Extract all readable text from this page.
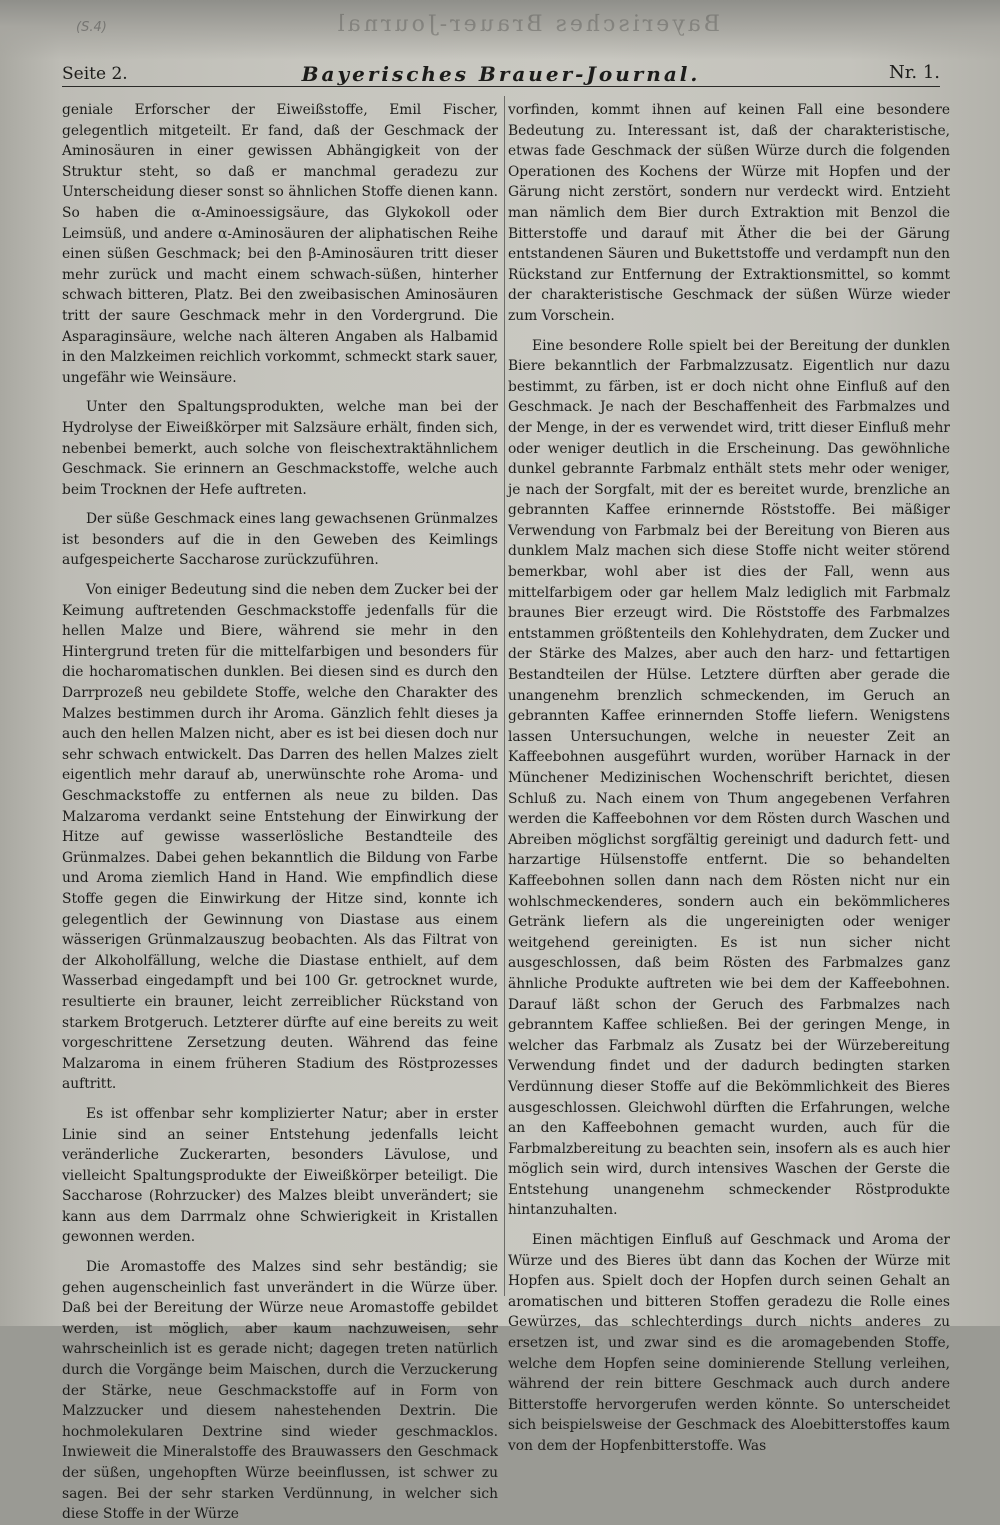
Bayerisches Brauer-Journal
(S.4)
Seite 2.	Bayerisches Brauer-Journal.	Nr. 1.

geniale Erforscher der Eiweißstoffe, Emil Fischer, gelegentlich mitgeteilt. Er fand, daß der Geschmack der Aminosäuren in einer gewissen Abhängigkeit von der Struktur steht, so daß er manchmal geradezu zur Unterscheidung dieser sonst so ähnlichen Stoffe dienen kann. So haben die α-Aminoessigsäure, das Glykokoll oder Leimsüß, und andere α-Aminosäuren der aliphatischen Reihe einen süßen Geschmack; bei den β-Aminosäuren tritt dieser mehr zurück und macht einem schwach-süßen, hinterher schwach bitteren, Platz. Bei den zweibasischen Aminosäuren tritt der saure Geschmack mehr in den Vordergrund. Die Asparaginsäure, welche nach älteren Angaben als Halbamid in den Malzkeimen reichlich vorkommt, schmeckt stark sauer, ungefähr wie Weinsäure.

Unter den Spaltungsprodukten, welche man bei der Hydrolyse der Eiweißkörper mit Salzsäure erhält, finden sich, nebenbei bemerkt, auch solche von fleischextraktähnlichem Geschmack. Sie erinnern an Geschmackstoffe, welche auch beim Trocknen der Hefe auftreten.

Der süße Geschmack eines lang gewachsenen Grünmalzes ist besonders auf die in den Geweben des Keimlings aufgespeicherte Saccharose zurückzuführen.

Von einiger Bedeutung sind die neben dem Zucker bei der Keimung auftretenden Geschmackstoffe jedenfalls für die hellen Malze und Biere, während sie mehr in den Hintergrund treten für die mittelfarbigen und besonders für die hocharomatischen dunklen. Bei diesen sind es durch den Darrprozeß neu gebildete Stoffe, welche den Charakter des Malzes bestimmen durch ihr Aroma. Gänzlich fehlt dieses ja auch den hellen Malzen nicht, aber es ist bei diesen doch nur sehr schwach entwickelt. Das Darren des hellen Malzes zielt eigentlich mehr darauf ab, unerwünschte rohe Aroma- und Geschmackstoffe zu entfernen als neue zu bilden. Das Malzaroma verdankt seine Entstehung der Einwirkung der Hitze auf gewisse wasserlösliche Bestandteile des Grünmalzes. Dabei gehen bekanntlich die Bildung von Farbe und Aroma ziemlich Hand in Hand. Wie empfindlich diese Stoffe gegen die Einwirkung der Hitze sind, konnte ich gelegentlich der Gewinnung von Diastase aus einem wässerigen Grünmalzauszug beobachten. Als das Filtrat von der Alkoholfällung, welche die Diastase enthielt, auf dem Wasserbad eingedampft und bei 100 Gr. getrocknet wurde, resultierte ein brauner, leicht zerreiblicher Rückstand von starkem Brotgeruch. Letzterer dürfte auf eine bereits zu weit vorgeschrittene Zersetzung deuten. Während das feine Malzaroma in einem früheren Stadium des Röstprozesses auftritt.

Es ist offenbar sehr komplizierter Natur; aber in erster Linie sind an seiner Entstehung jedenfalls leicht veränderliche Zuckerarten, besonders Lävulose, und vielleicht Spaltungsprodukte der Eiweißkörper beteiligt. Die Saccharose (Rohrzucker) des Malzes bleibt unverändert; sie kann aus dem Darrmalz ohne Schwierigkeit in Kristallen gewonnen werden.

Die Aromastoffe des Malzes sind sehr beständig; sie gehen augenscheinlich fast unverändert in die Würze über. Daß bei der Bereitung der Würze neue Aromastoffe gebildet werden, ist möglich, aber kaum nachzuweisen, sehr wahrscheinlich ist es gerade nicht; dagegen treten natürlich durch die Vorgänge beim Maischen, durch die Verzuckerung der Stärke, neue Geschmackstoffe auf in Form von Malzzucker und diesem nahestehenden Dextrin. Die hochmolekularen Dextrine sind wieder geschmacklos. Inwieweit die Mineralstoffe des Brauwassers den Geschmack der süßen, ungehopften Würze beeinflussen, ist schwer zu sagen. Bei der sehr starken Verdünnung, in welcher sich diese Stoffe in der Würze

vorfinden, kommt ihnen auf keinen Fall eine besondere Bedeutung zu. Interessant ist, daß der charakteristische, etwas fade Geschmack der süßen Würze durch die folgenden Operationen des Kochens der Würze mit Hopfen und der Gärung nicht zerstört, sondern nur verdeckt wird. Entzieht man nämlich dem Bier durch Extraktion mit Benzol die Bitterstoffe und darauf mit Äther die bei der Gärung entstandenen Säuren und Bukettstoffe und verdampft nun den Rückstand zur Entfernung der Extraktionsmittel, so kommt der charakteristische Geschmack der süßen Würze wieder zum Vorschein.

Eine besondere Rolle spielt bei der Bereitung der dunklen Biere bekanntlich der Farbmalzzusatz. Eigentlich nur dazu bestimmt, zu färben, ist er doch nicht ohne Einfluß auf den Geschmack. Je nach der Beschaffenheit des Farbmalzes und der Menge, in der es verwendet wird, tritt dieser Einfluß mehr oder weniger deutlich in die Erscheinung. Das gewöhnliche dunkel gebrannte Farbmalz enthält stets mehr oder weniger, je nach der Sorgfalt, mit der es bereitet wurde, brenzliche an gebrannten Kaffee erinnernde Röststoffe. Bei mäßiger Verwendung von Farbmalz bei der Bereitung von Bieren aus dunklem Malz machen sich diese Stoffe nicht weiter störend bemerkbar, wohl aber ist dies der Fall, wenn aus mittelfarbigem oder gar hellem Malz lediglich mit Farbmalz braunes Bier erzeugt wird. Die Röststoffe des Farbmalzes entstammen größtenteils den Kohlehydraten, dem Zucker und der Stärke des Malzes, aber auch den harz- und fettartigen Bestandteilen der Hülse. Letztere dürften aber gerade die unangenehm brenzlich schmeckenden, im Geruch an gebrannten Kaffee erinnernden Stoffe liefern. Wenigstens lassen Untersuchungen, welche in neuester Zeit an Kaffeebohnen ausgeführt wurden, worüber Harnack in der Münchener Medizinischen Wochenschrift berichtet, diesen Schluß zu. Nach einem von Thum angegebenen Verfahren werden die Kaffeebohnen vor dem Rösten durch Waschen und Abreiben möglichst sorgfältig gereinigt und dadurch fett- und harzartige Hülsenstoffe entfernt. Die so behandelten Kaffeebohnen sollen dann nach dem Rösten nicht nur ein wohlschmeckenderes, sondern auch ein bekömmlicheres Getränk liefern als die ungereinigten oder weniger weitgehend gereinigten. Es ist nun sicher nicht ausgeschlossen, daß beim Rösten des Farbmalzes ganz ähnliche Produkte auftreten wie bei dem der Kaffeebohnen. Darauf läßt schon der Geruch des Farbmalzes nach gebranntem Kaffee schließen. Bei der geringen Menge, in welcher das Farbmalz als Zusatz bei der Würzebereitung Verwendung findet und der dadurch bedingten starken Verdünnung dieser Stoffe auf die Bekömmlichkeit des Bieres ausgeschlossen. Gleichwohl dürften die Erfahrungen, welche an den Kaffeebohnen gemacht wurden, auch für die Farbmalzbereitung zu beachten sein, insofern als es auch hier möglich sein wird, durch intensives Waschen der Gerste die Entstehung unangenehm schmeckender Röstprodukte hintanzuhalten.

Einen mächtigen Einfluß auf Geschmack und Aroma der Würze und des Bieres übt dann das Kochen der Würze mit Hopfen aus. Spielt doch der Hopfen durch seinen Gehalt an aromatischen und bitteren Stoffen geradezu die Rolle eines Gewürzes, das schlechterdings durch nichts anderes zu ersetzen ist, und zwar sind es die aromagebenden Stoffe, welche dem Hopfen seine dominierende Stellung verleihen, während der rein bittere Geschmack auch durch andere Bitterstoffe hervorgerufen werden könnte. So unterscheidet sich beispielsweise der Geschmack des Aloebitterstoffes kaum von dem der Hopfenbitterstoffe. Was
